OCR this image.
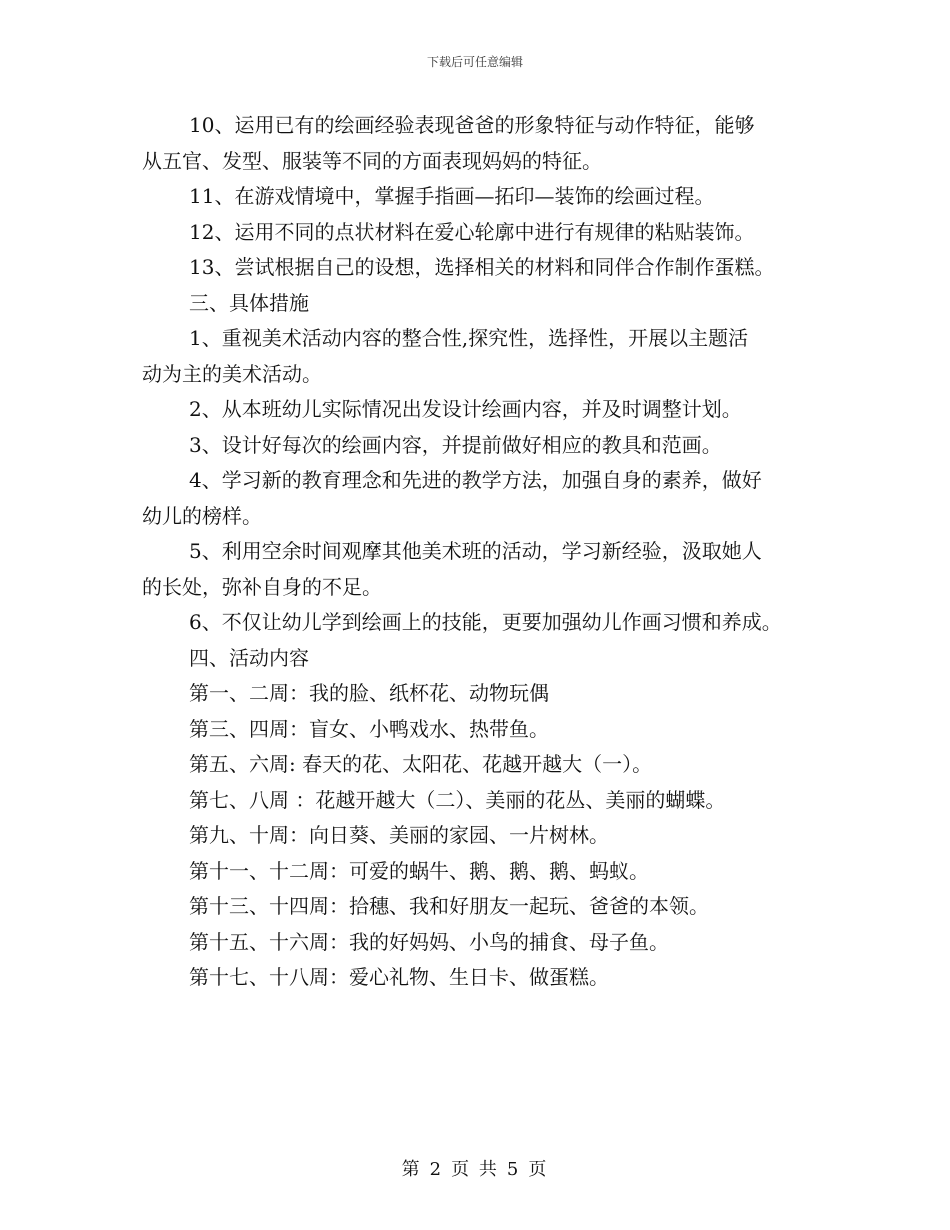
下载后可任意编辑
10、运用已有的绘画经验表现爸爸的形象特征与动作特征，能够
从五官、发型、服装等不同的方面表现妈妈的特征。
11、在游戏情境中，掌握手指画—拓印—装饰的绘画过程。
12、运用不同的点状材料在爱心轮廓中进行有规律的粘贴装饰。
13、尝试根据自己的设想，选择相关的材料和同伴合作制作蛋糕。
三、具体措施
1、重视美术活动内容的整合性,探究性，选择性，开展以主题活
动为主的美术活动。
2、从本班幼儿实际情况出发设计绘画内容，并及时调整计划。
3、设计好每次的绘画内容，并提前做好相应的教具和范画。
4、学习新的教育理念和先进的教学方法，加强自身的素养，做好
幼儿的榜样。
5、利用空余时间观摩其他美术班的活动，学习新经验，汲取她人
的长处，弥补自身的不足。
6、不仅让幼儿学到绘画上的技能，更要加强幼儿作画习惯和养成。
四、活动内容
第一、二周：我的脸、纸杯花、动物玩偶
第三、四周：盲女、小鸭戏水、热带鱼。
第五、六周: 春天的花、太阳花、花越开越大（一）。
第七、八周 ：花越开越大（二）、美丽的花丛、美丽的蝴蝶。
第九、十周：向日葵、美丽的家园、一片树林。
第十一、十二周：可爱的蜗牛、鹅、鹅、鹅、蚂蚁。
第十三、十四周：拾穗、我和好朋友一起玩、爸爸的本领。
第十五、十六周：我的好妈妈、小鸟的捕食、母子鱼。
第十七、十八周：爱心礼物、生日卡、做蛋糕。
第 2 页 共 5 页
